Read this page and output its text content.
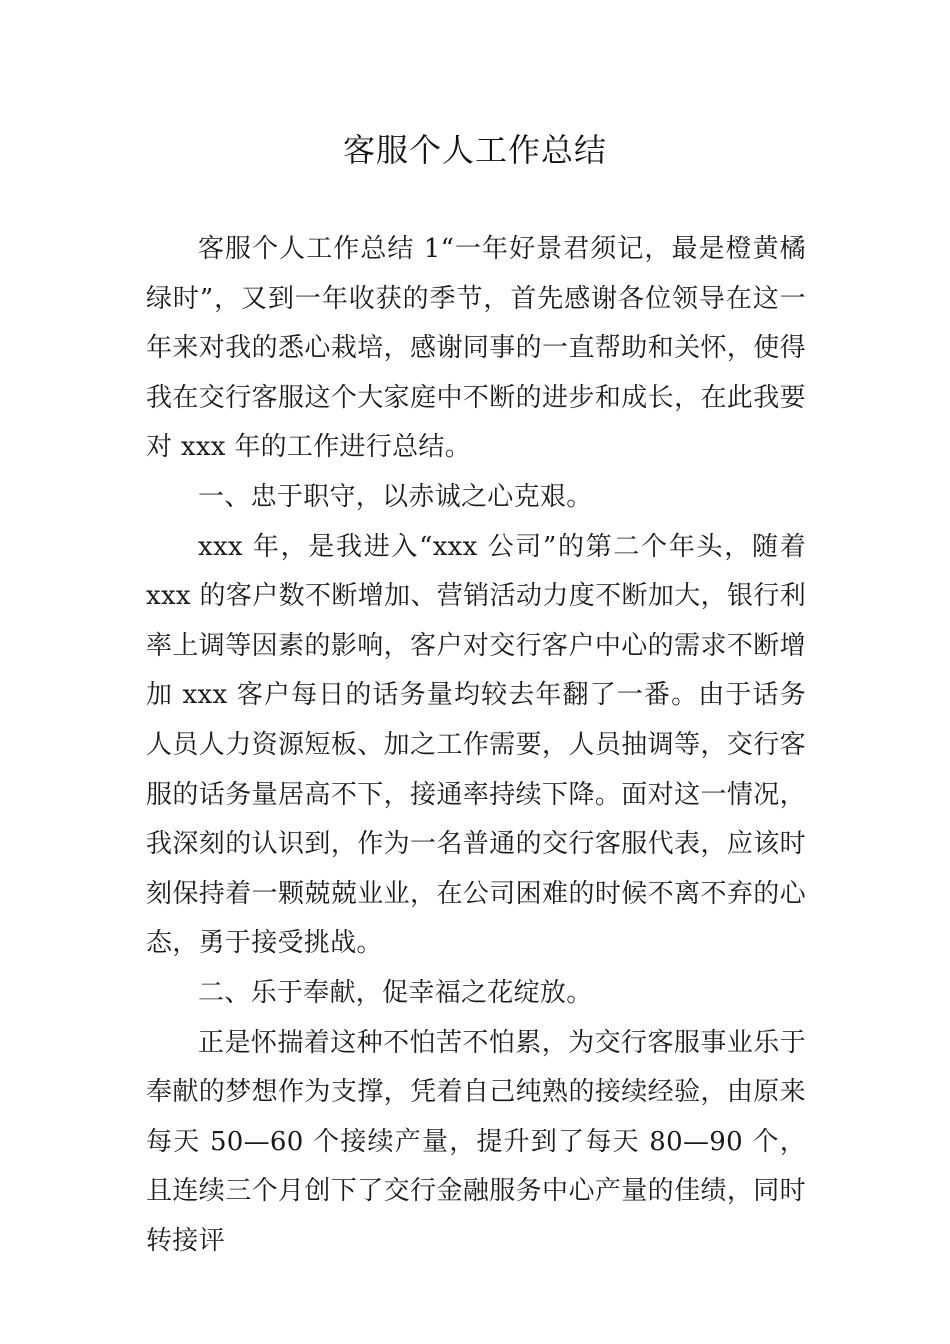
客服个人工作总结

客服个人工作总结 1“一年好景君须记，最是橙黄橘绿时”，又到一年收获的季节，首先感谢各位领导在这一年来对我的悉心栽培，感谢同事的一直帮助和关怀，使得我在交行客服这个大家庭中不断的进步和成长，在此我要对 xxx 年的工作进行总结。

一、忠于职守，以赤诚之心克艰。

xxx 年，是我进入“xxx 公司”的第二个年头，随着 xxx 的客户数不断增加、营销活动力度不断加大，银行利率上调等因素的影响，客户对交行客户中心的需求不断增加 xxx 客户每日的话务量均较去年翻了一番。由于话务人员人力资源短板、加之工作需要，人员抽调等，交行客服的话务量居高不下，接通率持续下降。面对这一情况，我深刻的认识到，作为一名普通的交行客服代表，应该时刻保持着一颗兢兢业业，在公司困难的时候不离不弃的心态，勇于接受挑战。

二、乐于奉献，促幸福之花绽放。

正是怀揣着这种不怕苦不怕累，为交行客服事业乐于奉献的梦想作为支撑，凭着自己纯熟的接续经验，由原来每天 50—60 个接续产量，提升到了每天 80—90 个，且连续三个月创下了交行金融服务中心产量的佳绩，同时转接评
